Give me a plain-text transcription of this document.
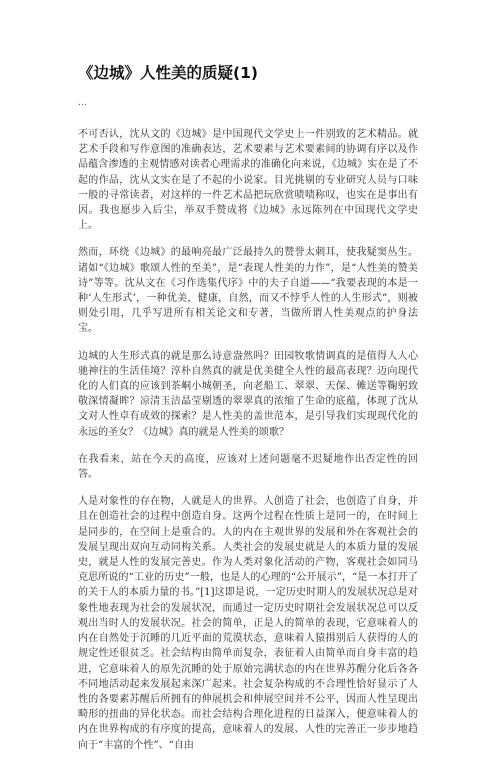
《边城》人性美的质疑(1)
…

不可否认，沈从文的《边城》是中国现代文学史上一件别致的艺术精品。就艺术手段和写作意图的准确表达，艺术要素与艺术要素间的协调有序以及作品蕴含渗透的主观情感对读者心理需求的准确化向来说，《边城》实在是了不起的作品，沈从文实在是了不起的小说家。目光挑剔的专业研究人员与口味一般的寻常读者，对这样的一件艺术品把玩欣赏啧啧称叹，也实在是事出有因。我也愿步入后尘，举双手赞成将《边城》永远陈列在中国现代文学史上。

然而，环绕《边城》的最响亮最广泛最持久的赞誉太刺耳，使我疑窦丛生。诸如“《边城》歌颂人性的至美”，是“表现人性美的力作”，是“人性美的赞美诗”等等。沈从文在《习作选集代序》中的夫子自道——“我要表现的本是一种‘人生形式’，一种优美，健康，自然，而又不悖乎人性的人生形式”，则被则处引用，几乎写进所有相关论文和专著，当做所谓人性美观点的护身法宝。

边城的人生形式真的就是那么诗意盎然吗？田园牧歌情调真的是值得人人心驰神往的生活佳境？淳朴自然真的就是优美健全人性的最高表现？迈向现代化的人们真的应该到茶峒小城朝圣，向老船工、翠翠、天保、傩送等鞠躬致敬深情凝眸？凉清玉洁晶莹剔透的翠翠真的浓缩了生命的底蕴，体现了沈从文对人性卓有成效的探索？是人性美的盖世范本，是引导我们实现现代化的永远的圣女？《边城》真的就是人性美的颂歌？

在我看来，站在今天的高度，应该对上述问题毫不迟疑地作出否定性的回答。

人是对象性的存在物，人就是人的世界。人创造了社会，也创造了自身，并且在创造社会的过程中创造自身。这两个过程在性质上是同一的，在时间上是同步的，在空间上是重合的。人的内在主观世界的发展和外在客观社会的发展呈现出双向互动同构关系。人类社会的发展史就是人的本质力量的发展史，就是人性的发展完善史。作为人类对象化活动的产物，客观社会如同马克思所说的“工业的历史”一般，也是人的心理的“公开展示”，“是一本打开了的关于人的本质力量的书。”[1]这即是说，一定历史时期人的发展状况总是对象性地表现为社会的发展状况，而通过一定历史时期社会发展状况总可以反观出当时人的发展状况。社会的简单，正是人的简单的表现，它意味着人的内在自然处于沉睡的几近平面的荒漠状态，意味着人猿揖别后人获得的人的规定性还很贫乏。社会结构由简单而复杂，表征着人由简单而自身丰富的趋进，它意味着人的原先沉睡的处于原始完满状态的内在世界苏醒分化后各各不同地活动起来发展起来深广起来。社会复杂构成的不合理性恰好显示了人性的各要素苏醒后所拥有的伸展机会和伸展空间并不公平，因而人性呈现出畸形的扭曲的异化状态。而社会结构合理化进程的日益深入，便意味着人的内在世界构成的有序度的提高，意味着人的发展、人性的完善正一步步地趋向于“丰富的个性”、“自由
